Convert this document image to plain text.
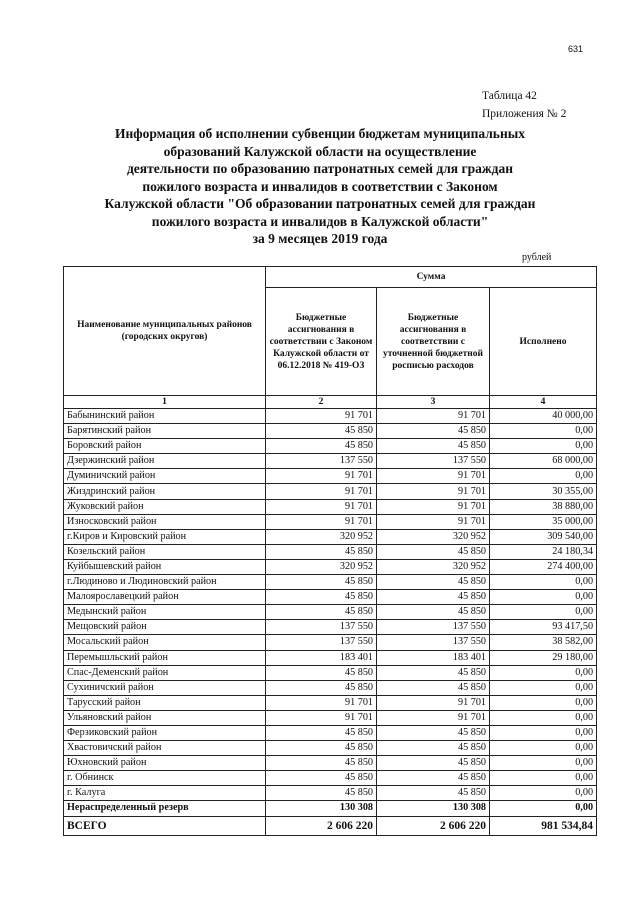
631
Таблица 42
Приложения № 2
Информация об исполнении субвенции бюджетам муниципальных
образований Калужской области на осуществление
деятельности по образованию патронатных семей для граждан
пожилого возраста и инвалидов в соответствии с Законом
Калужской области "Об образовании патронатных семей для граждан
пожилого возраста и инвалидов в Калужской области"
за 9 месяцев 2019 года
рублей
Наименование муниципальных районов (городских округов)	Сумма		
	Бюджетные ассигнования в соответствии с Законом Калужской области от 06.12.2018 № 419-ОЗ	Бюджетные ассигнования в соответствии с уточненной бюджетной росписью расходов	Исполнено
1	2	3	4
Бабынинский район	91 701	91 701	40 000,00
Барятинский район	45 850	45 850	0,00
Боровский район	45 850	45 850	0,00
Дзержинский район	137 550	137 550	68 000,00
Думиничский район	91 701	91 701	0,00
Жиздринский район	91 701	91 701	30 355,00
Жуковский район	91 701	91 701	38 880,00
Износковский район	91 701	91 701	35 000,00
г.Киров и Кировский район	320 952	320 952	309 540,00
Козельский район	45 850	45 850	24 180,34
Куйбышевский район	320 952	320 952	274 400,00
г.Людиново и Людиновский район	45 850	45 850	0,00
Малоярославецкий район	45 850	45 850	0,00
Медынский район	45 850	45 850	0,00
Мещовский район	137 550	137 550	93 417,50
Мосальский район	137 550	137 550	38 582,00
Перемышльский район	183 401	183 401	29 180,00
Спас-Деменский район	45 850	45 850	0,00
Сухиничский район	45 850	45 850	0,00
Тарусский район	91 701	91 701	0,00
Ульяновский район	91 701	91 701	0,00
Ферзиковский район	45 850	45 850	0,00
Хвастовичский район	45 850	45 850	0,00
Юхновский район	45 850	45 850	0,00
г. Обнинск	45 850	45 850	0,00
г. Калуга	45 850	45 850	0,00
Нераспределенный резерв	130 308	130 308	0,00
ВСЕГО	2 606 220	2 606 220	981 534,84
